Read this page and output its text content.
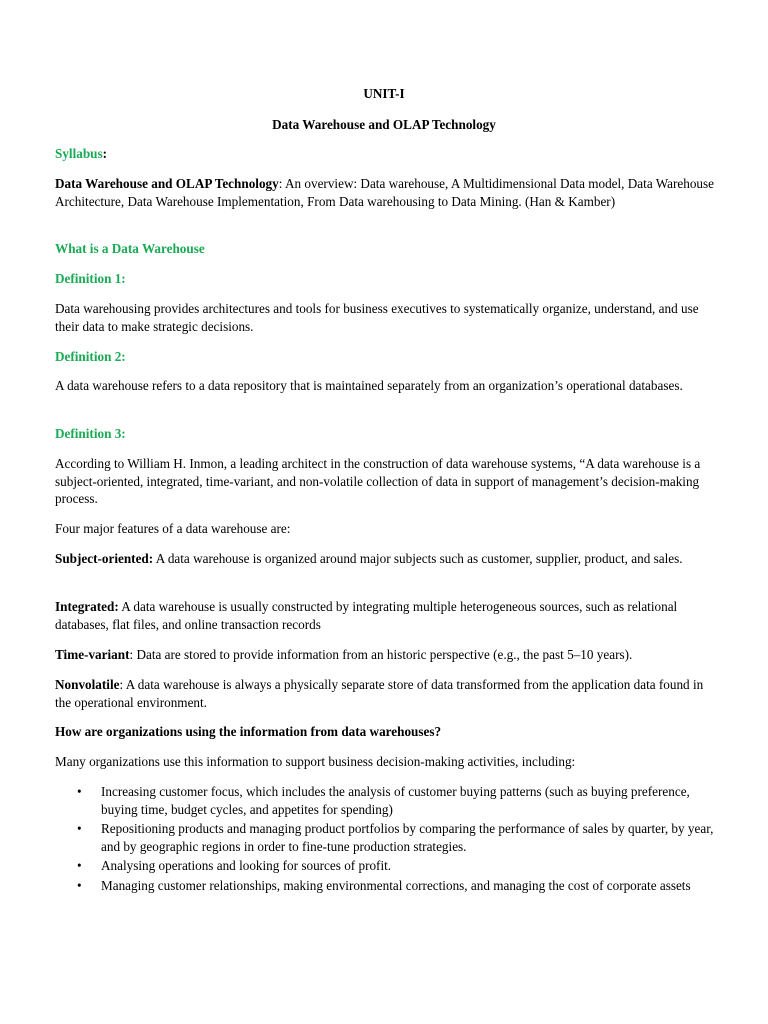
UNIT-I

Data Warehouse and OLAP Technology

Syllabus:

Data Warehouse and OLAP Technology: An overview: Data warehouse, A Multidimensional Data model, Data Warehouse Architecture, Data Warehouse Implementation, From Data warehousing to Data Mining. (Han & Kamber)

What is a Data Warehouse

Definition 1:

Data warehousing provides architectures and tools for business executives to systematically organize, understand, and use their data to make strategic decisions.

Definition 2:

A data warehouse refers to a data repository that is maintained separately from an organization’s operational databases.

Definition 3:

According to William H. Inmon, a leading architect in the construction of data warehouse systems, “A data warehouse is a subject-oriented, integrated, time-variant, and non-volatile collection of data in support of management’s decision-making process.

Four major features of a data warehouse are:

Subject-oriented: A data warehouse is organized around major subjects such as customer, supplier, product, and sales.

Integrated: A data warehouse is usually constructed by integrating multiple heterogeneous sources, such as relational databases, flat files, and online transaction records

Time-variant: Data are stored to provide information from an historic perspective (e.g., the past 5–10 years).

Nonvolatile: A data warehouse is always a physically separate store of data transformed from the application data found in the operational environment.

How are organizations using the information from data warehouses?

Many organizations use this information to support business decision-making activities, including:

• Increasing customer focus, which includes the analysis of customer buying patterns (such as buying preference, buying time, budget cycles, and appetites for spending)
• Repositioning products and managing product portfolios by comparing the performance of sales by quarter, by year, and by geographic regions in order to fine-tune production strategies.
• Analysing operations and looking for sources of profit.
• Managing customer relationships, making environmental corrections, and managing the cost of corporate assets
